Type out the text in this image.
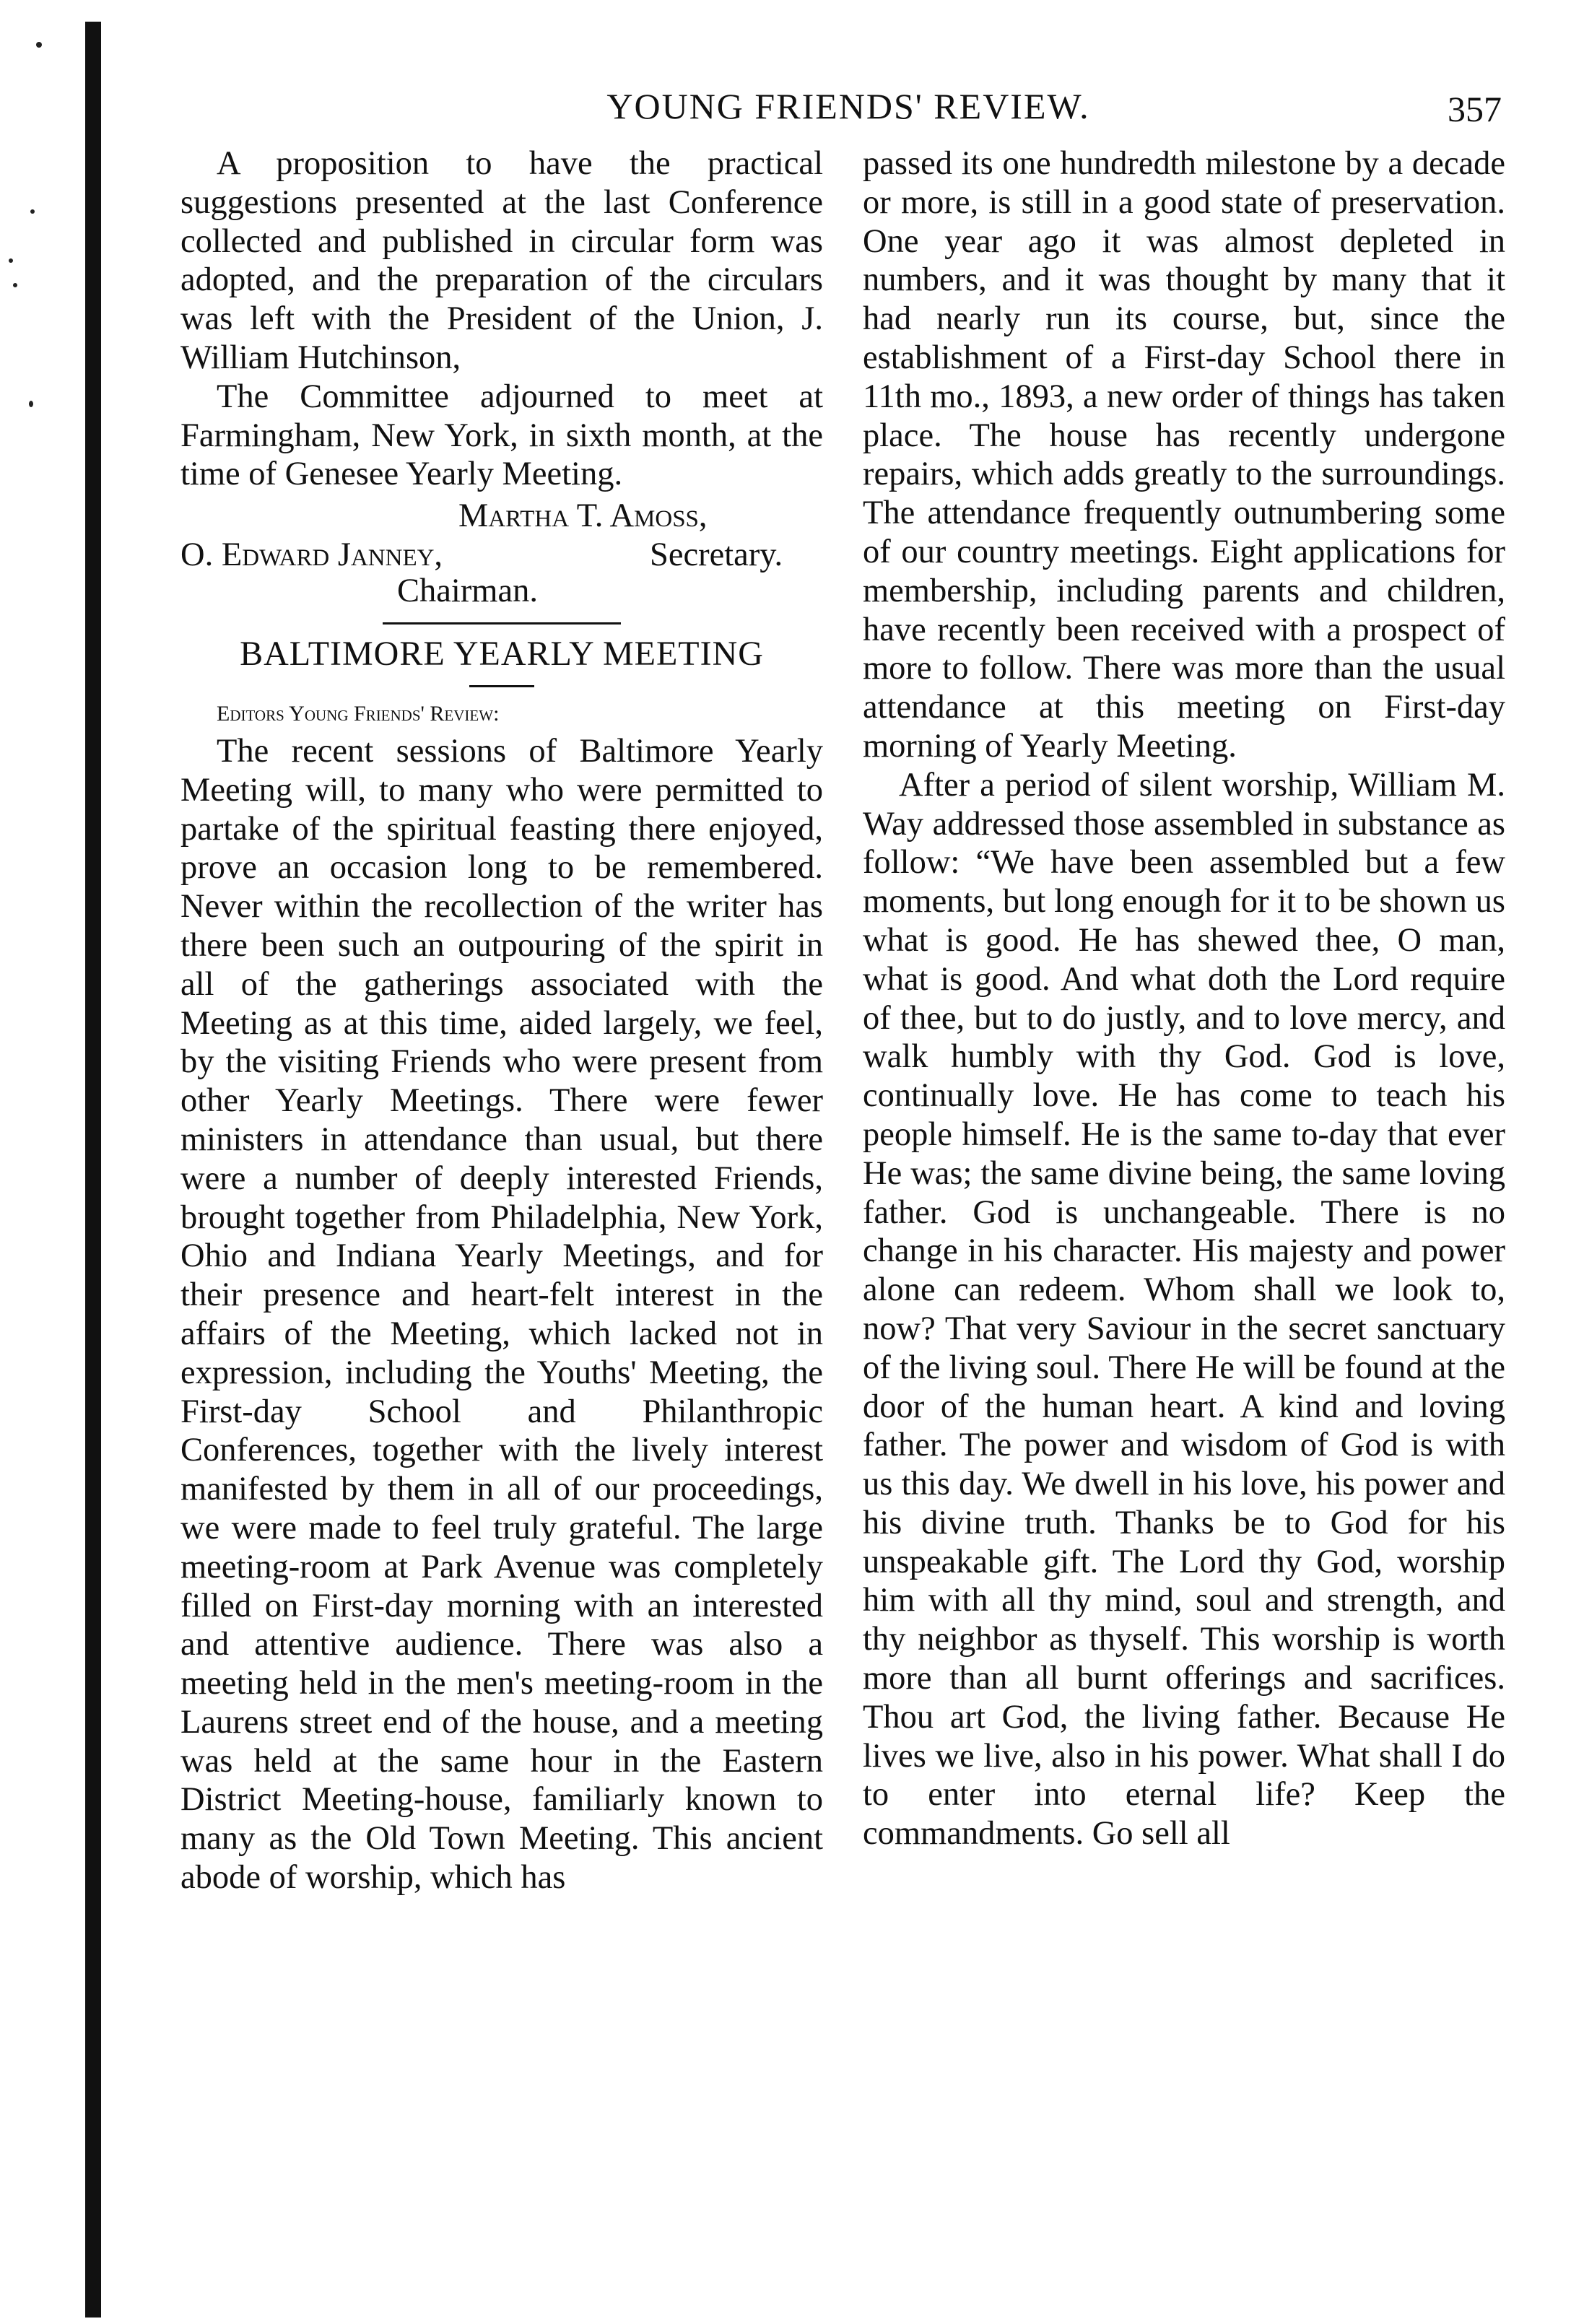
YOUNG FRIENDS' REVIEW.	357

A proposition to have the practical suggestions presented at the last Conference collected and published in circular form was adopted, and the preparation of the circulars was left with the President of the Union, J. William Hutchinson,

The Committee adjourned to meet at Farmingham, New York, in sixth month, at the time of Genesee Yearly Meeting.

Martha T. Amoss,
O. Edward Janney,	Secretary.
Chairman.

BALTIMORE YEARLY MEETING

Editors Young Friends' Review:

The recent sessions of Baltimore Yearly Meeting will, to many who were permitted to partake of the spiritual feasting there enjoyed, prove an occasion long to be remembered. Never within the recollection of the writer has there been such an outpouring of the spirit in all of the gatherings associated with the Meeting as at this time, aided largely, we feel, by the visiting Friends who were present from other Yearly Meetings. There were fewer ministers in attendance than usual, but there were a number of deeply interested Friends, brought together from Philadelphia, New York, Ohio and Indiana Yearly Meetings, and for their presence and heart-felt interest in the affairs of the Meeting, which lacked not in expression, including the Youths' Meeting, the First-day School and Philanthropic Conferences, together with the lively interest manifested by them in all of our proceedings, we were made to feel truly grateful. The large meeting-room at Park Avenue was completely filled on First-day morning with an interested and attentive audience. There was also a meeting held in the men's meeting-room in the Laurens street end of the house, and a meeting was held at the same hour in the Eastern District Meeting-house, familiarly known to many as the Old Town Meeting. This ancient abode of worship, which has

passed its one hundredth milestone by a decade or more, is still in a good state of preservation. One year ago it was almost depleted in numbers, and it was thought by many that it had nearly run its course, but, since the establishment of a First-day School there in 11th mo., 1893, a new order of things has taken place. The house has recently undergone repairs, which adds greatly to the surroundings. The attendance frequently outnumbering some of our country meetings. Eight applications for membership, including parents and children, have recently been received with a prospect of more to follow. There was more than the usual attendance at this meeting on First-day morning of Yearly Meeting.

After a period of silent worship, William M. Way addressed those assembled in substance as follow: “We have been assembled but a few moments, but long enough for it to be shown us what is good. He has shewed thee, O man, what is good. And what doth the Lord require of thee, but to do justly, and to love mercy, and walk humbly with thy God. God is love, continually love. He has come to teach his people himself. He is the same to-day that ever He was; the same divine being, the same loving father. God is unchangeable. There is no change in his character. His majesty and power alone can redeem. Whom shall we look to, now? That very Saviour in the secret sanctuary of the living soul. There He will be found at the door of the human heart. A kind and loving father. The power and wisdom of God is with us this day. We dwell in his love, his power and his divine truth. Thanks be to God for his unspeakable gift. The Lord thy God, worship him with all thy mind, soul and strength, and thy neighbor as thyself. This worship is worth more than all burnt offerings and sacrifices. Thou art God, the living father. Because He lives we live, also in his power. What shall I do to enter into eternal life? Keep the commandments. Go sell all
